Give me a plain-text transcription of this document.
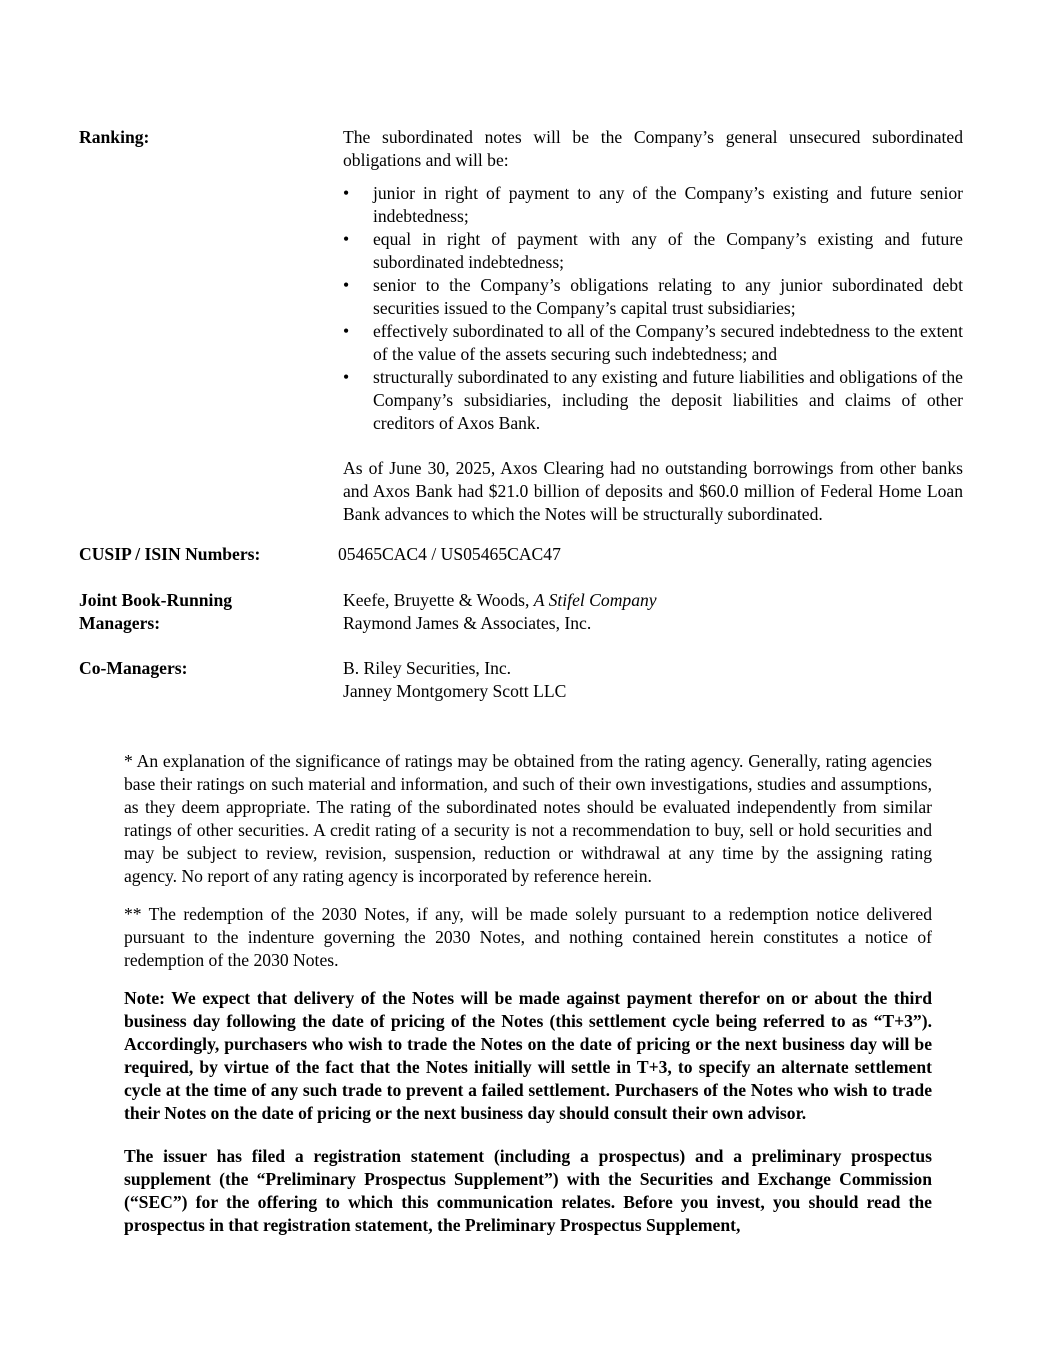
Ranking:	The subordinated notes will be the Company’s general unsecured subordinated obligations and will be:

• junior in right of payment to any of the Company’s existing and future senior indebtedness;
• equal in right of payment with any of the Company’s existing and future subordinated indebtedness;
• senior to the Company’s obligations relating to any junior subordinated debt securities issued to the Company’s capital trust subsidiaries;
• effectively subordinated to all of the Company’s secured indebtedness to the extent of the value of the assets securing such indebtedness; and
• structurally subordinated to any existing and future liabilities and obligations of the Company’s subsidiaries, including the deposit liabilities and claims of other creditors of Axos Bank.

As of June 30, 2025, Axos Clearing had no outstanding borrowings from other banks and Axos Bank had $21.0 billion of deposits and $60.0 million of Federal Home Loan Bank advances to which the Notes will be structurally subordinated.

CUSIP / ISIN Numbers:	05465CAC4 / US05465CAC47
Joint Book-Running
Managers:
Keefe, Bruyette & Woods, A Stifel Company
Raymond James & Associates, Inc.
Co-Managers:	B. Riley Securities, Inc.
Janney Montgomery Scott LLC

* An explanation of the significance of ratings may be obtained from the rating agency. Generally, rating agencies base their ratings on such material and information, and such of their own investigations, studies and assumptions, as they deem appropriate. The rating of the subordinated notes should be evaluated independently from similar ratings of other securities. A credit rating of a security is not a recommendation to buy, sell or hold securities and may be subject to review, revision, suspension, reduction or withdrawal at any time by the assigning rating agency. No report of any rating agency is incorporated by reference herein.

** The redemption of the 2030 Notes, if any, will be made solely pursuant to a redemption notice delivered pursuant to the indenture governing the 2030 Notes, and nothing contained herein constitutes a notice of redemption of the 2030 Notes.

Note: We expect that delivery of the Notes will be made against payment therefor on or about the third business day following the date of pricing of the Notes (this settlement cycle being referred to as “T+3”). Accordingly, purchasers who wish to trade the Notes on the date of pricing or the next business day will be required, by virtue of the fact that the Notes initially will settle in T+3, to specify an alternate settlement cycle at the time of any such trade to prevent a failed settlement. Purchasers of the Notes who wish to trade their Notes on the date of pricing or the next business day should consult their own advisor.

The issuer has filed a registration statement (including a prospectus) and a preliminary prospectus supplement (the “Preliminary Prospectus Supplement”) with the Securities and Exchange Commission (“SEC”) for the offering to which this communication relates. Before you invest, you should read the prospectus in that registration statement, the Preliminary Prospectus Supplement,
